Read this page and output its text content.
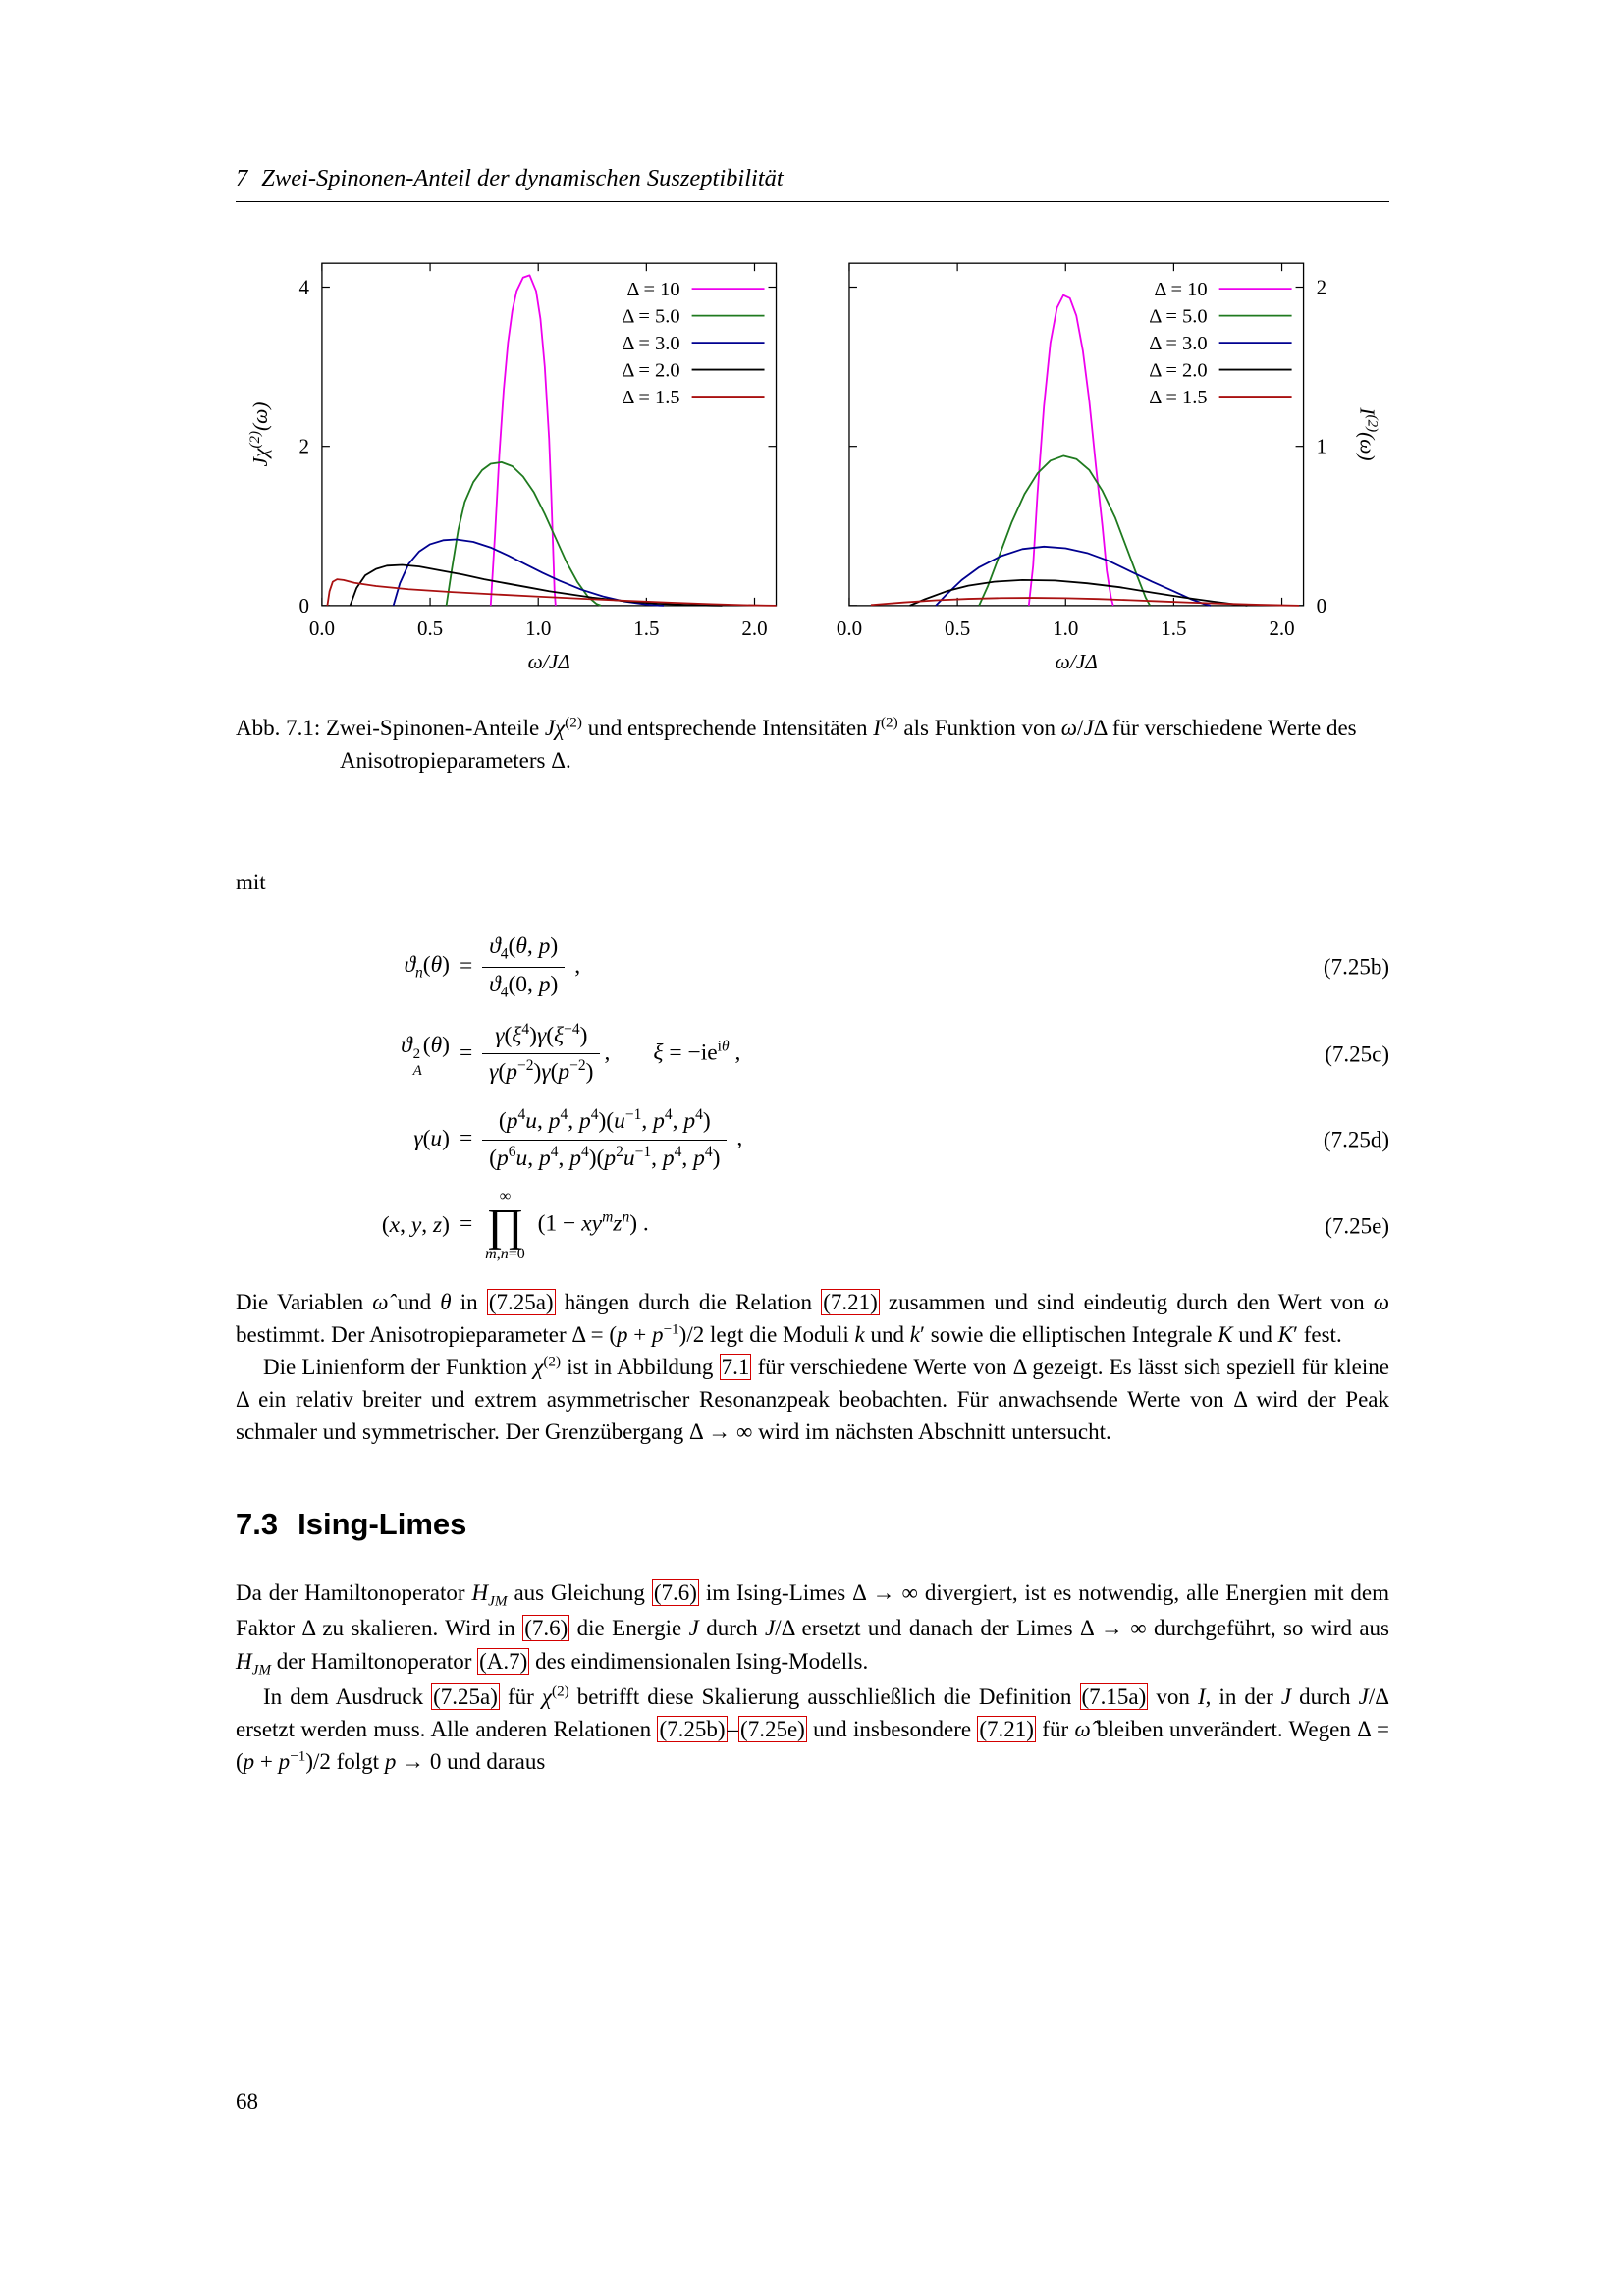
7 Zwei-Spinonen-Anteil der dynamischen Suszeptibilität
0.0	0.5	1.0	1.5	2.0
0
2
4	Δ = 10
Δ = 5.0
Δ = 3.0
Δ = 2.0
Δ = 1.5
ω/JΔ
$J\chi^{(2)}(\omega)$
0.0	0.5	1.0	1.5	2.0
0
1
2
Δ = 10
Δ = 5.0
Δ = 3.0
Δ = 2.0
Δ = 1.5
ω/JΔ
$I^{(2)}(\omega)$
Abb. 7.1: Zwei-Spinonen-Anteile $J\chi^{(2)}$ und entsprechende Intensitäten $I^{(2)}$ als Funktion von ω/JΔ für verschiedene Werte des Anisotropieparameters Δ.

mit

$ϑ_n(\theta) = \frac{ϑ_4(\theta, p)}{ϑ_4(0, p)}$ ,	(7.25b)
ϑ 2
A
$(\theta) = \frac{\gamma(\xi^4)\gamma(\xi^{-4})}{\gamma(p^{-2})\gamma(p^{-2})}$ , $\xi = -ie^{i\theta}$ ,	(7.25c)
$\gamma(u) = \frac{(p^4u, p^4, p^4)(u^{-1}, p^4, p^4)}{(p^6u, p^4, p^4)(p^2u^{-1}, p^4, p^4)}$ ,	(7.25d)
(x, y, z) =
∞
∏
m,n=0
$(1 - xy^mz^n)$ .	(7.25e)

Die Variablen ω̂ und θ in (7.25a) hängen durch die Relation (7.21) zusammen und sind eindeutig durch den Wert von ω bestimmt. Der Anisotropieparameter $\Delta = (p + p^{-1})/2$ legt die Moduli k und k′ sowie die elliptischen Integrale K und K′ fest.

Die Linienform der Funktion $\chi^{(2)}$ ist in Abbildung 7.1 für verschiedene Werte von Δ gezeigt. Es lässt sich speziell für kleine Δ ein relativ breiter und extrem asymmetrischer Resonanzpeak beobachten. Für anwachsende Werte von Δ wird der Peak schmaler und symmetrischer. Der Grenzübergang Δ → ∞ wird im nächsten Abschnitt untersucht.

7.3 Ising-Limes

Da der Hamiltonoperator $H_{JM}$ aus Gleichung (7.6) im Ising-Limes Δ → ∞ divergiert, ist es notwendig, alle Energien mit dem Faktor Δ zu skalieren. Wird in (7.6) die Energie J durch J/Δ ersetzt und danach der Limes Δ → ∞ durchgeführt, so wird aus $H_{JM}$ der Hamiltonoperator (A.7) des eindimensionalen Ising-Modells.

In dem Ausdruck (7.25a) für $\chi^{(2)}$ betrifft diese Skalierung ausschließlich die Definition (7.15a) von I, in der J durch J/Δ ersetzt werden muss. Alle anderen Relationen (7.25b)–(7.25e) und insbesondere (7.21) für ω̂ bleiben unverändert. Wegen $\Delta = (p + p^{-1})/2$ folgt p → 0 und daraus

68
